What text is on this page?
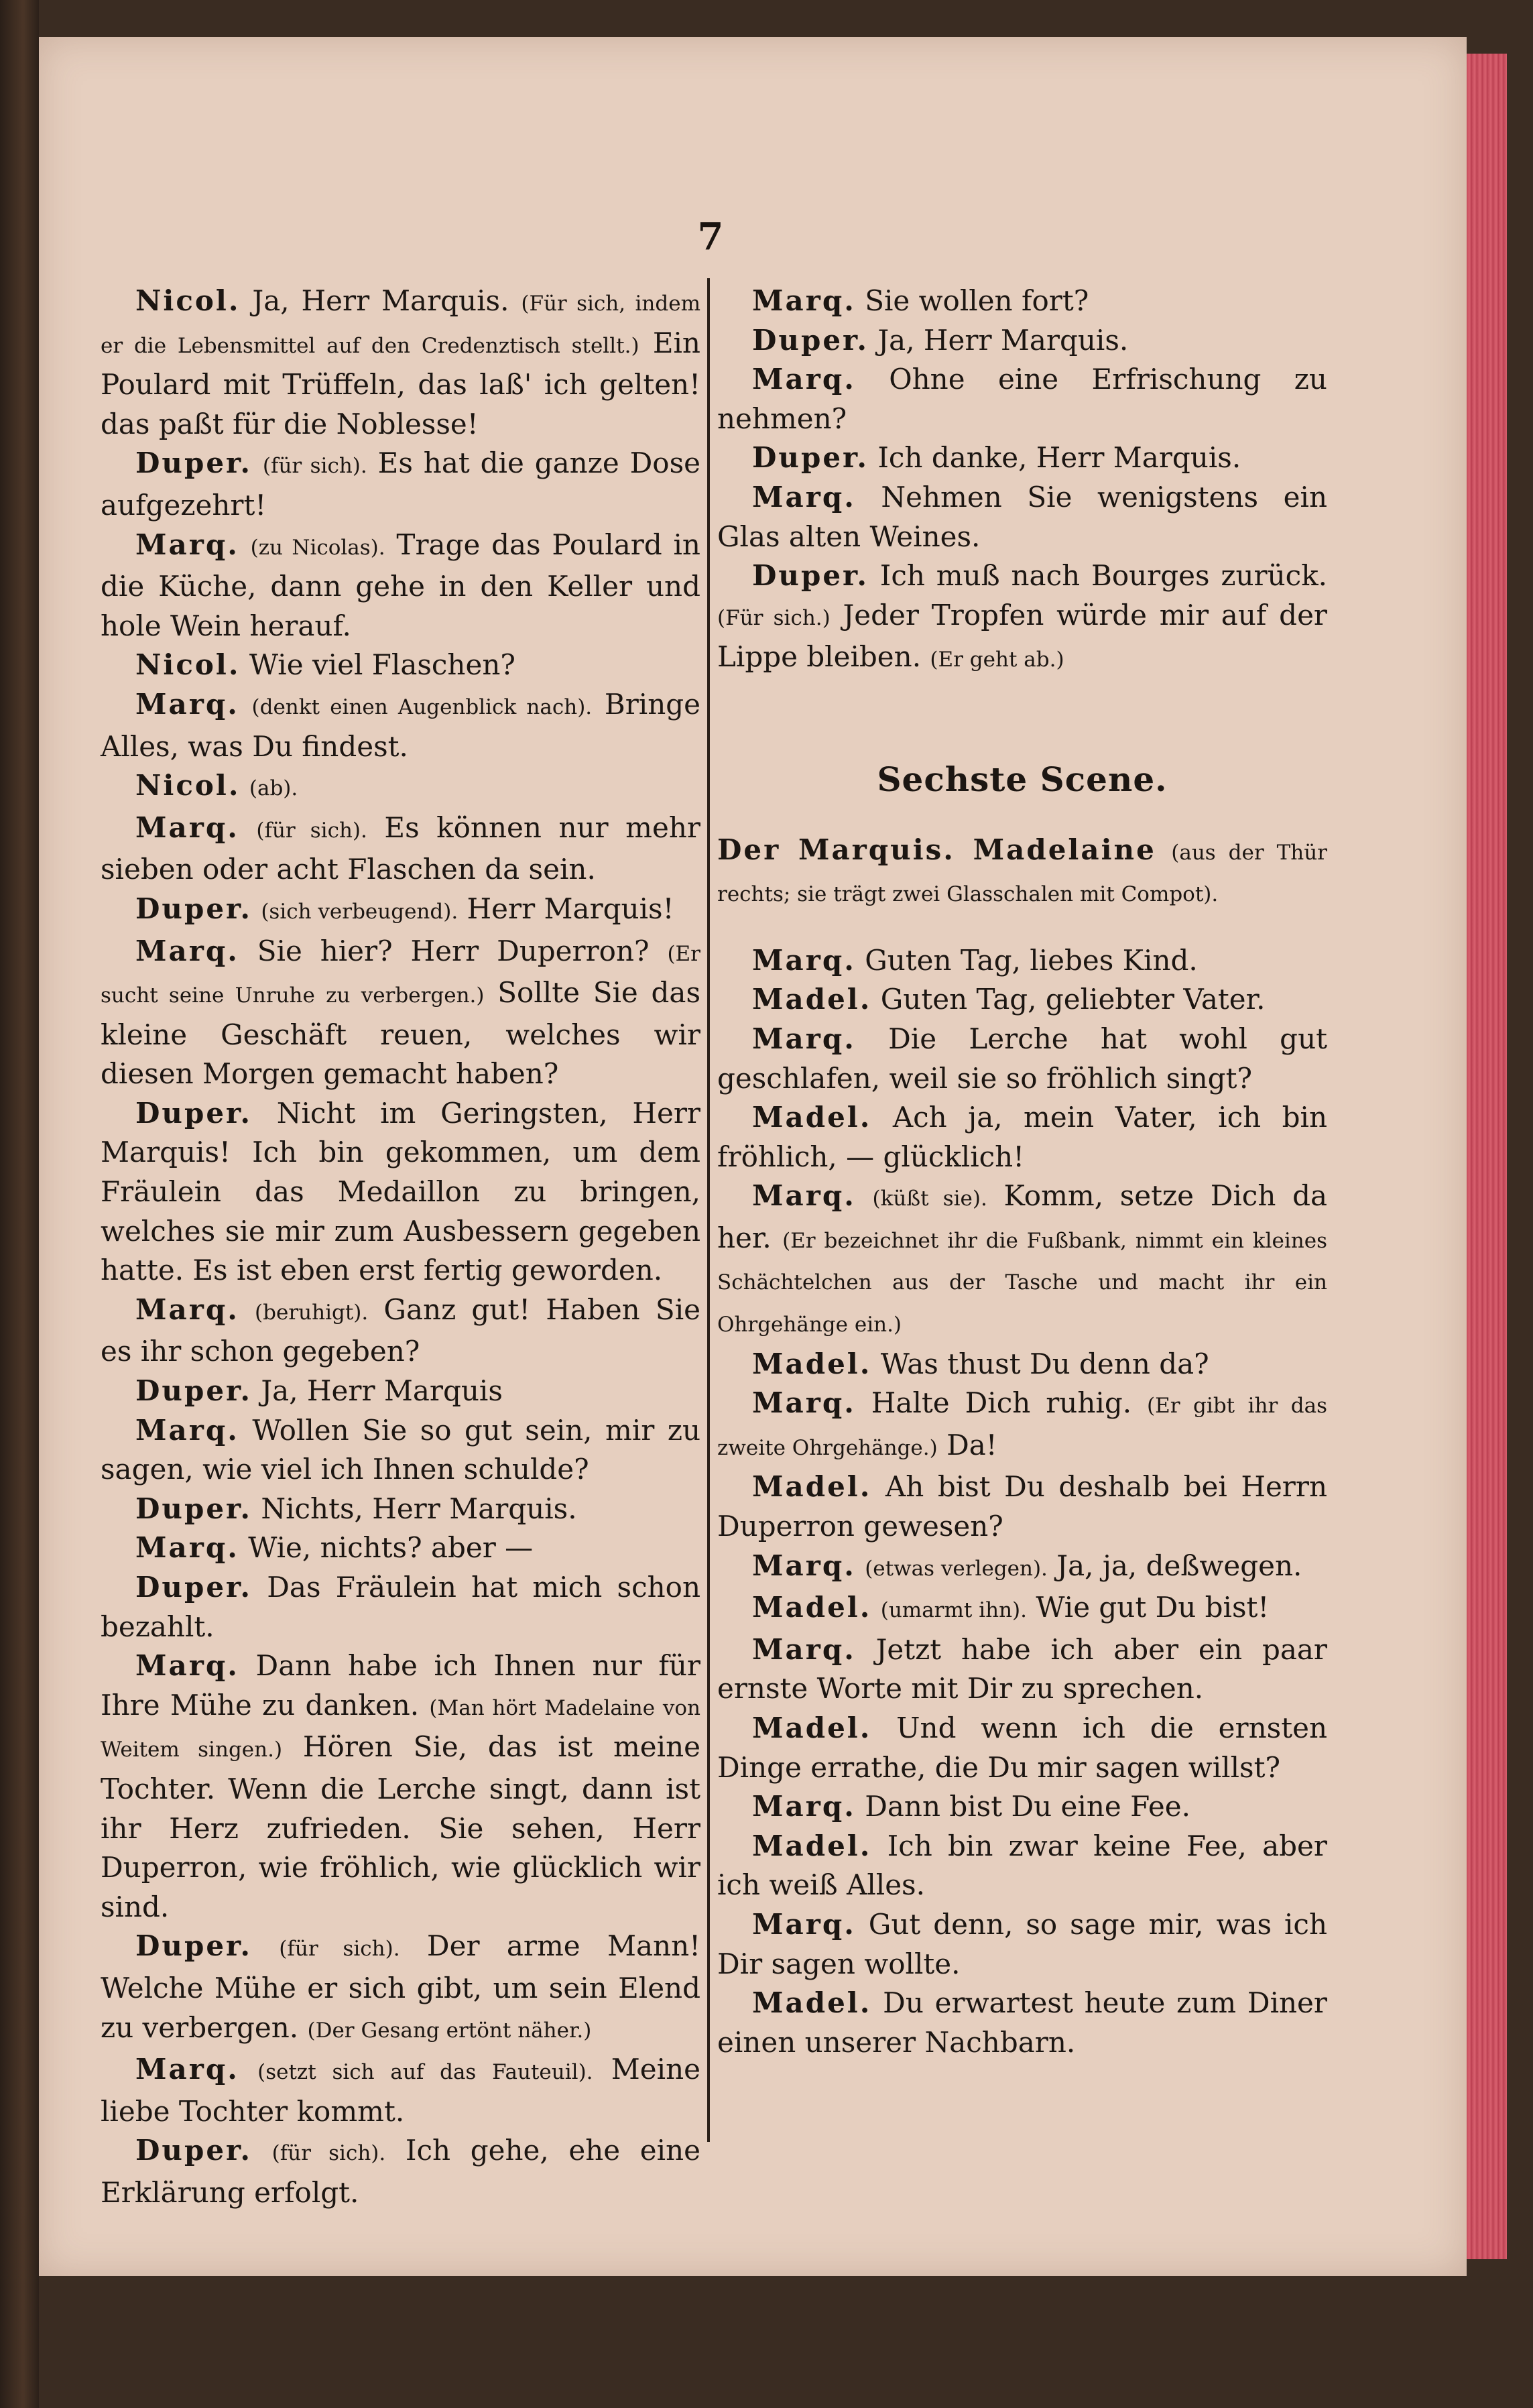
7

Nicol. Ja, Herr Marquis. (Für sich, indem er die Lebensmittel auf den Credenztisch stellt.) Ein Poulard mit Trüffeln, das laß' ich gelten! das paßt für die Noblesse!

Duper. (für sich). Es hat die ganze Dose aufgezehrt!

Marq. (zu Nicolas). Trage das Poulard in die Küche, dann gehe in den Keller und hole Wein herauf.

Nicol. Wie viel Flaschen?

Marq. (denkt einen Augenblick nach). Bringe Alles, was Du findest.

Nicol. (ab).

Marq. (für sich). Es können nur mehr sieben oder acht Flaschen da sein.

Duper. (sich verbeugend). Herr Marquis!

Marq. Sie hier? Herr Duperron? (Er sucht seine Unruhe zu verbergen.) Sollte Sie das kleine Geschäft reuen, welches wir diesen Morgen gemacht haben?

Duper. Nicht im Geringsten, Herr Marquis! Ich bin gekommen, um dem Fräulein das Medaillon zu bringen, welches sie mir zum Ausbessern gegeben hatte. Es ist eben erst fertig geworden.

Marq. (beruhigt). Ganz gut! Haben Sie es ihr schon gegeben?

Duper. Ja, Herr Marquis

Marq. Wollen Sie so gut sein, mir zu sagen, wie viel ich Ihnen schulde?

Duper. Nichts, Herr Marquis.

Marq. Wie, nichts? aber —

Duper. Das Fräulein hat mich schon bezahlt.

Marq. Dann habe ich Ihnen nur für Ihre Mühe zu danken. (Man hört Madelaine von Weitem singen.) Hören Sie, das ist meine Tochter. Wenn die Lerche singt, dann ist ihr Herz zufrieden. Sie sehen, Herr Duperron, wie fröhlich, wie glücklich wir sind.

Duper. (für sich). Der arme Mann! Welche Mühe er sich gibt, um sein Elend zu verbergen. (Der Gesang ertönt näher.)

Marq. (setzt sich auf das Fauteuil). Meine liebe Tochter kommt.

Duper. (für sich). Ich gehe, ehe eine Erklärung erfolgt.

Marq. Sie wollen fort?

Duper. Ja, Herr Marquis.

Marq. Ohne eine Erfrischung zu nehmen?

Duper. Ich danke, Herr Marquis.

Marq. Nehmen Sie wenigstens ein Glas alten Weines.

Duper. Ich muß nach Bourges zurück. (Für sich.) Jeder Tropfen würde mir auf der Lippe bleiben. (Er geht ab.)

Sechste Scene.

Der Marquis. Madelaine (aus der Thür rechts; sie trägt zwei Glasschalen mit Compot).

Marq. Guten Tag, liebes Kind.

Madel. Guten Tag, geliebter Vater.

Marq. Die Lerche hat wohl gut geschlafen, weil sie so fröhlich singt?

Madel. Ach ja, mein Vater, ich bin fröhlich, — glücklich!

Marq. (küßt sie). Komm, setze Dich da her. (Er bezeichnet ihr die Fußbank, nimmt ein kleines Schächtelchen aus der Tasche und macht ihr ein Ohrgehänge ein.)

Madel. Was thust Du denn da?

Marq. Halte Dich ruhig. (Er gibt ihr das zweite Ohrgehänge.) Da!

Madel. Ah bist Du deshalb bei Herrn Duperron gewesen?

Marq. (etwas verlegen). Ja, ja, deßwegen.

Madel. (umarmt ihn). Wie gut Du bist!

Marq. Jetzt habe ich aber ein paar ernste Worte mit Dir zu sprechen.

Madel. Und wenn ich die ernsten Dinge errathe, die Du mir sagen willst?

Marq. Dann bist Du eine Fee.

Madel. Ich bin zwar keine Fee, aber ich weiß Alles.

Marq. Gut denn, so sage mir, was ich Dir sagen wollte.

Madel. Du erwartest heute zum Diner einen unserer Nachbarn.
